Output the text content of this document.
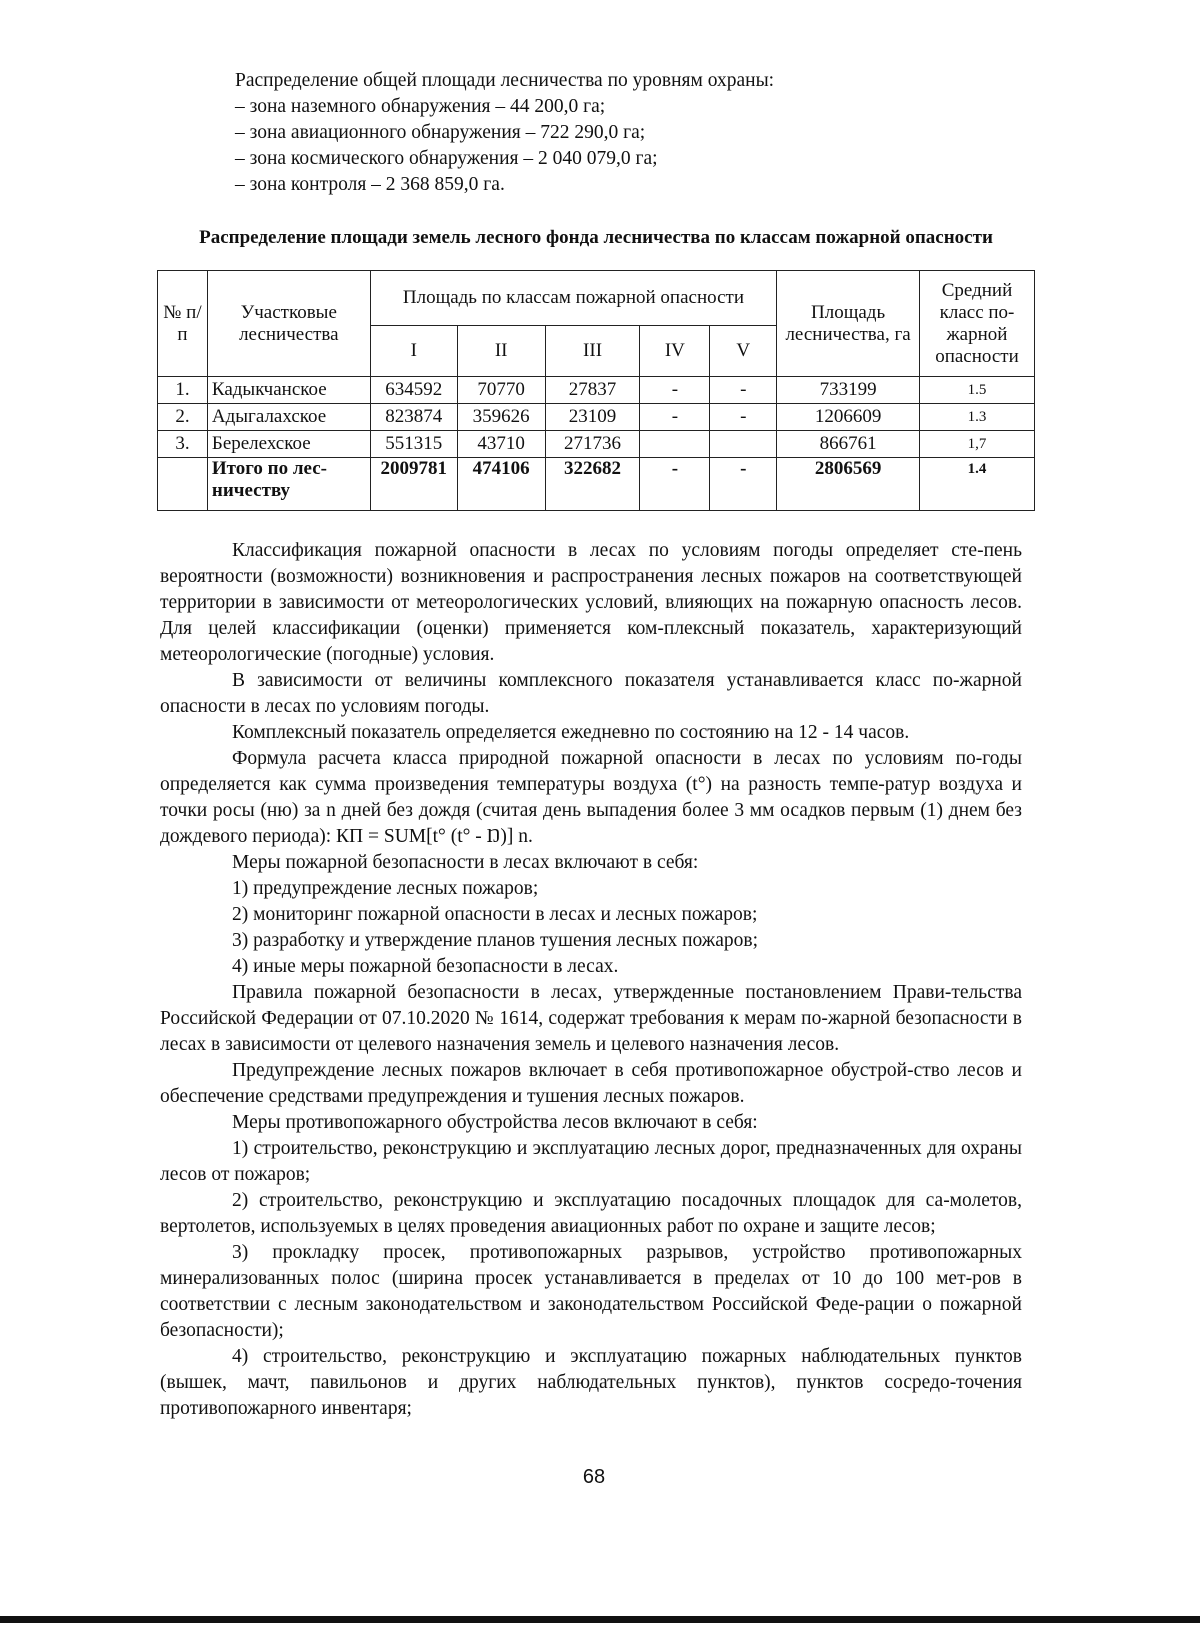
Распределение общей площади лесничества по уровням охраны:
– зона наземного обнаружения – 44 200,0 га;
– зона авиационного обнаружения – 722 290,0 га;
– зона космического обнаружения – 2 040 079,0 га;
– зона контроля – 2 368 859,0 га.
Распределение площади земель лесного фонда лесничества по классам пожарной опасности
№ п/п	Участковые лесничества	Площадь по классам пожарной опасности					Площадь лесничества, га	Средний класс по-жарной опасности
		I	II	III	IV	V		
1.	Кадыкчанское	634592	70770	27837	-	-	733199	1.5
2.	Адыгалахское	823874	359626	23109	-	-	1206609	1.3
3.	Берелехское	551315	43710	271736			866761	1,7
	Итого по лес-ничеству	2009781	474106	322682	-	-	2806569	1.4

Классификация пожарной опасности в лесах по условиям погоды определяет сте-пень вероятности (возможности) возникновения и распространения лесных пожаров на соответствующей территории в зависимости от метеорологических условий, влияющих на пожарную опасность лесов. Для целей классификации (оценки) применяется ком-плексный показатель, характеризующий метеорологические (погодные) условия.

В зависимости от величины комплексного показателя устанавливается класс по-жарной опасности в лесах по условиям погоды.

Комплексный показатель определяется ежедневно по состоянию на 12 - 14 часов.

Формула расчета класса природной пожарной опасности в лесах по условиям по-годы определяется как сумма произведения температуры воздуха (t°) на разность темпе-ратур воздуха и точки росы (ню) за n дней без дождя (считая день выпадения более 3 мм осадков первым (1) днем без дождевого периода): КП = SUM[t° (t° - Ŋ)] n.

Меры пожарной безопасности в лесах включают в себя:

1) предупреждение лесных пожаров;

2) мониторинг пожарной опасности в лесах и лесных пожаров;

3) разработку и утверждение планов тушения лесных пожаров;

4) иные меры пожарной безопасности в лесах.

Правила пожарной безопасности в лесах, утвержденные постановлением Прави-тельства Российской Федерации от 07.10.2020 № 1614, содержат требования к мерам по-жарной безопасности в лесах в зависимости от целевого назначения земель и целевого назначения лесов.

Предупреждение лесных пожаров включает в себя противопожарное обустрой-ство лесов и обеспечение средствами предупреждения и тушения лесных пожаров.

Меры противопожарного обустройства лесов включают в себя:

1) строительство, реконструкцию и эксплуатацию лесных дорог, предназначенных для охраны лесов от пожаров;

2) строительство, реконструкцию и эксплуатацию посадочных площадок для са-молетов, вертолетов, используемых в целях проведения авиационных работ по охране и защите лесов;

3) прокладку просек, противопожарных разрывов, устройство противопожарных минерализованных полос (ширина просек устанавливается в пределах от 10 до 100 мет-ров в соответствии с лесным законодательством и законодательством Российской Феде-рации о пожарной безопасности);

4) строительство, реконструкцию и эксплуатацию пожарных наблюдательных пунктов (вышек, мачт, павильонов и других наблюдательных пунктов), пунктов сосредо-точения противопожарного инвентаря;

68
